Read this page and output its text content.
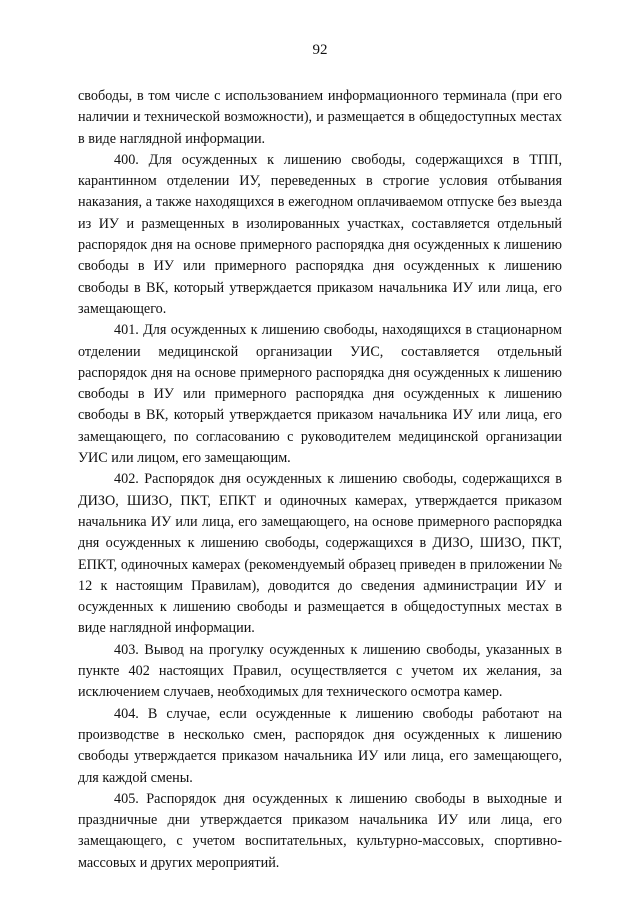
92

свободы, в том числе с использованием информационного терминала (при его наличии и технической возможности), и размещается в общедоступных местах в виде наглядной информации.

400. Для осужденных к лишению свободы, содержащихся в ТПП, карантинном отделении ИУ, переведенных в строгие условия отбывания наказания, а также находящихся в ежегодном оплачиваемом отпуске без выезда из ИУ и размещенных в изолированных участках, составляется отдельный распорядок дня на основе примерного распорядка дня осужденных к лишению свободы в ИУ или примерного распорядка дня осужденных к лишению свободы в ВК, который утверждается приказом начальника ИУ или лица, его замещающего.

401. Для осужденных к лишению свободы, находящихся в стационарном отделении медицинской организации УИС, составляется отдельный распорядок дня на основе примерного распорядка дня осужденных к лишению свободы в ИУ или примерного распорядка дня осужденных к лишению свободы в ВК, который утверждается приказом начальника ИУ или лица, его замещающего, по согласованию с руководителем медицинской организации УИС или лицом, его замещающим.

402. Распорядок дня осужденных к лишению свободы, содержащихся в ДИЗО, ШИЗО, ПКТ, ЕПКТ и одиночных камерах, утверждается приказом начальника ИУ или лица, его замещающего, на основе примерного распорядка дня осужденных к лишению свободы, содержащихся в ДИЗО, ШИЗО, ПКТ, ЕПКТ, одиночных камерах (рекомендуемый образец приведен в приложении № 12 к настоящим Правилам), доводится до сведения администрации ИУ и осужденных к лишению свободы и размещается в общедоступных местах в виде наглядной информации.

403. Вывод на прогулку осужденных к лишению свободы, указанных в пункте 402 настоящих Правил, осуществляется с учетом их желания, за исключением случаев, необходимых для технического осмотра камер.

404. В случае, если осужденные к лишению свободы работают на производстве в несколько смен, распорядок дня осужденных к лишению свободы утверждается приказом начальника ИУ или лица, его замещающего, для каждой смены.

405. Распорядок дня осужденных к лишению свободы в выходные и праздничные дни утверждается приказом начальника ИУ или лица, его замещающего, с учетом воспитательных, культурно-массовых, спортивно-массовых и других мероприятий.
